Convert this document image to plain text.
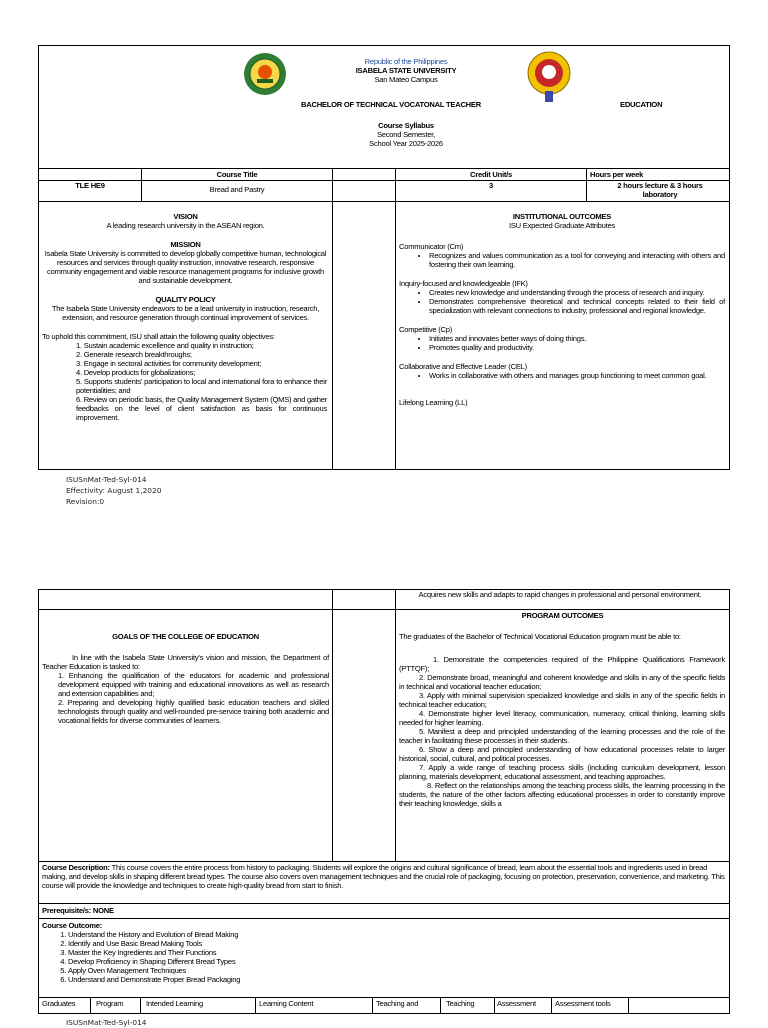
Republic of the Philippines
ISABELA STATE UNIVERSITY
San Mateo Campus
BACHELOR OF TECHNICAL VOCATONAL TEACHER	EDUCATION
Course Syllabus
Second Semester,
School Year 2025-2026
Course Title	Credit Unit/s	Hours per week
TLE HE9	Bread and Pastry	3	2 hours lecture & 3 hours laboratory
VISION
A leading research university in the ASEAN region.
MISSION
Isabela State University is committed to develop globally competitive human, technological resources and services through quality instruction, innovative research, responsive community engagement and viable resource management programs for inclusive growth and sustainable development.
QUALITY POLICY
The Isabela State University endeavors to be a lead university in instruction, research, extension, and resource generation through continual improvement of services.
To uphold this commitment, ISU shall attain the following quality objectives:
1. Sustain academic excellence and quality in instruction;
2. Generate research breakthroughs;
3. Engage in sectoral activities for community development;
4. Develop products for globalizations;
5. Supports students' participation to local and international fora to enhance their potentialities; and
6. Review on periodic basis, the Quality Management System (QMS) and gather feedbacks on the level of client satisfaction as basis for continuous improvement.
INSTITUTIONAL OUTCOMES
ISU Expected Graduate Attributes
Communicator (Cm)
• Recognizes and values communication as a tool for conveying and interacting with others and fostering their own learning.
Inquiry-focused and knowledgeable (IFK)
• Creates new knowledge and understanding through the process of research and inquiry.
• Demonstrates comprehensive theoretical and technical concepts related to their field of specialization with relevant connections to industry, professional and regional knowledge.
Competitive (Cp)
• Initiates and innovates better ways of doing things.
• Promotes quality and productivity.
Collaborative and Effective Leader (CEL)
• Works in collaborative with others and manages group functioning to meet common goal.
Lifelong Learning (LL)
ISUSnMat-Ted-Syl-014
Effectivity: August 1,2020
Revision:0
Acquires new skills and adapts to rapid changes in professional and personal environment.
PROGRAM OUTCOMES
GOALS OF THE COLLEGE OF EDUCATION
In line with the Isabela State University's vision and mission, the Department of Teacher Education is tasked to:
1. Enhancing the qualification of the educators for academic and professional development equipped with training and educational innovations as well as research and extension capabilities and;
2. Preparing and developing highly qualified basic education teachers and skilled technologists through quality and well-rounded pre-service training both academic and vocational fields for diverse communities of learners.
The graduates of the Bachelor of Technical Vocational Education program must be able to:
1. Demonstrate the competencies required of the Philippine Qualifications Framework (PTTQF);
2. Demonstrate broad, meaningful and coherent knowledge and skills in any of the specific fields in technical and vocational teacher education;
3. Apply with minimal supervision specialized knowledge and skills in any of the specific fields in technical teacher education;
4. Demonstrate higher level literacy, communication, numeracy, critical thinking, learning skills needed for higher learning.
5. Manifest a deep and principled understanding of the learning processes and the role of the teacher in facilitating these processes in their students.
6. Show a deep and principled understanding of how educational processes relate to larger historical, social, cultural, and political processes.
7. Apply a wide range of teaching process skills (including curriculum development, lesson planning, materials development, educational assessment, and teaching approaches.
8. Reflect on the relationships among the teaching process skills, the learning processing in the students, the nature of the other factors affecting educational processes in order to constantly improve their teaching knowledge, skills a
Course Description: This course covers the entire process from history to packaging. Students will explore the origins and cultural significance of bread, learn about the essential tools and ingredients used in bread making, and develop skills in shaping different bread types. The course also covers oven management techniques and the crucial role of packaging, focusing on protection, preservation, convenience, and marketing. This course will provide the knowledge and techniques to create high-quality bread from start to finish.
Prerequisite/s: NONE
Course Outcome:
1. Understand the History and Evolution of Bread Making
2. Identify and Use Basic Bread Making Tools
3. Master the Key Ingredients and Their Functions
4. Develop Proficiency in Shaping Different Bread Types
5. Apply Oven Management Techniques
6. Understand and Demonstrate Proper Bread Packaging
Graduates	Program	Intended Learning	Learning Content	Teaching and	Teaching	Assessment	Assessment tools
ISUSnMat-Ted-Syl-014
